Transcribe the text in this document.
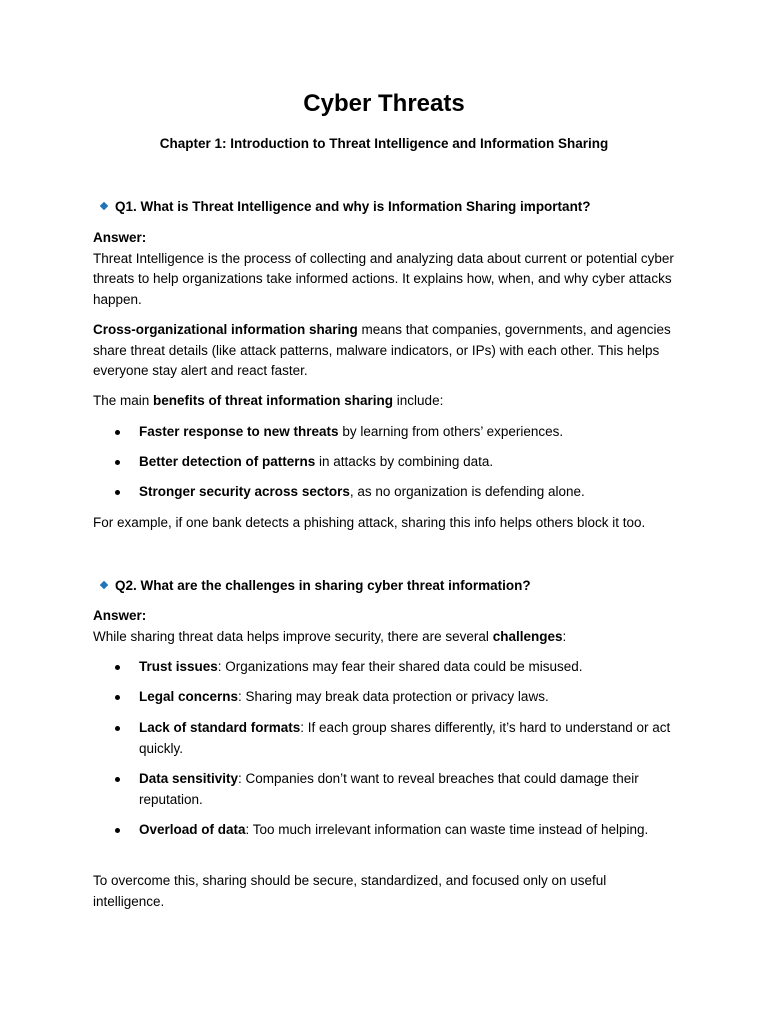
Cyber Threats
Chapter 1: Introduction to Threat Intelligence and Information Sharing
Q1. What is Threat Intelligence and why is Information Sharing important?
Answer:
Threat Intelligence is the process of collecting and analyzing data about current or potential cyber threats to help organizations take informed actions. It explains how, when, and why cyber attacks happen.
Cross-organizational information sharing means that companies, governments, and agencies share threat details (like attack patterns, malware indicators, or IPs) with each other. This helps everyone stay alert and react faster.
The main benefits of threat information sharing include:
Faster response to new threats by learning from others’ experiences.
Better detection of patterns in attacks by combining data.
Stronger security across sectors, as no organization is defending alone.
For example, if one bank detects a phishing attack, sharing this info helps others block it too.
Q2. What are the challenges in sharing cyber threat information?
Answer:
While sharing threat data helps improve security, there are several challenges:
Trust issues: Organizations may fear their shared data could be misused.
Legal concerns: Sharing may break data protection or privacy laws.
Lack of standard formats: If each group shares differently, it’s hard to understand or act quickly.
Data sensitivity: Companies don’t want to reveal breaches that could damage their reputation.
Overload of data: Too much irrelevant information can waste time instead of helping.
To overcome this, sharing should be secure, standardized, and focused only on useful intelligence.
